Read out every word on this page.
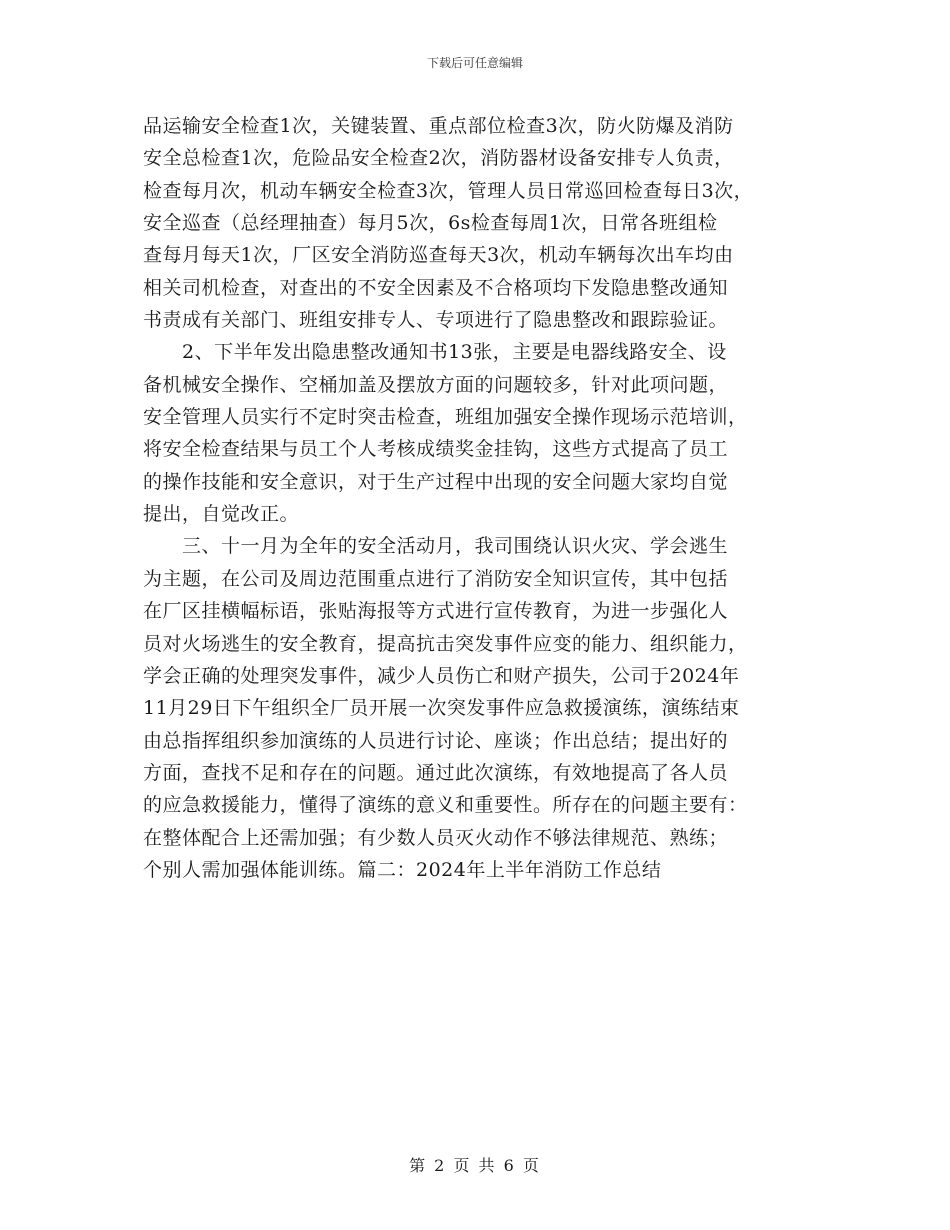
下载后可任意编辑
品运输安全检查1次，关键装置、重点部位检查3次，防火防爆及消防
安全总检查1次，危险品安全检查2次，消防器材设备安排专人负责，
检查每月次，机动车辆安全检查3次，管理人员日常巡回检查每日3次，
安全巡查（总经理抽查）每月5次，6s检查每周1次，日常各班组检
查每月每天1次，厂区安全消防巡查每天3次，机动车辆每次出车均由
相关司机检查，对查出的不安全因素及不合格项均下发隐患整改通知
书责成有关部门、班组安排专人、专项进行了隐患整改和跟踪验证。
　　2、下半年发出隐患整改通知书13张，主要是电器线路安全、设
备机械安全操作、空桶加盖及摆放方面的问题较多，针对此项问题，
安全管理人员实行不定时突击检查，班组加强安全操作现场示范培训，
将安全检查结果与员工个人考核成绩奖金挂钩，这些方式提高了员工
的操作技能和安全意识，对于生产过程中出现的安全问题大家均自觉
提出，自觉改正。
　　三、十一月为全年的安全活动月，我司围绕认识火灾、学会逃生
为主题，在公司及周边范围重点进行了消防安全知识宣传，其中包括
在厂区挂横幅标语，张贴海报等方式进行宣传教育，为进一步强化人
员对火场逃生的安全教育，提高抗击突发事件应变的能力、组织能力，
学会正确的处理突发事件，减少人员伤亡和财产损失，公司于2024年
11月29日下午组织全厂员开展一次突发事件应急救援演练，演练结束
由总指挥组织参加演练的人员进行讨论、座谈；作出总结；提出好的
方面，查找不足和存在的问题。通过此次演练，有效地提高了各人员
的应急救援能力，懂得了演练的意义和重要性。所存在的问题主要有：
在整体配合上还需加强；有少数人员灭火动作不够法律规范、熟练；
个别人需加强体能训练。篇二：2024年上半年消防工作总结
第 2 页 共 6 页
